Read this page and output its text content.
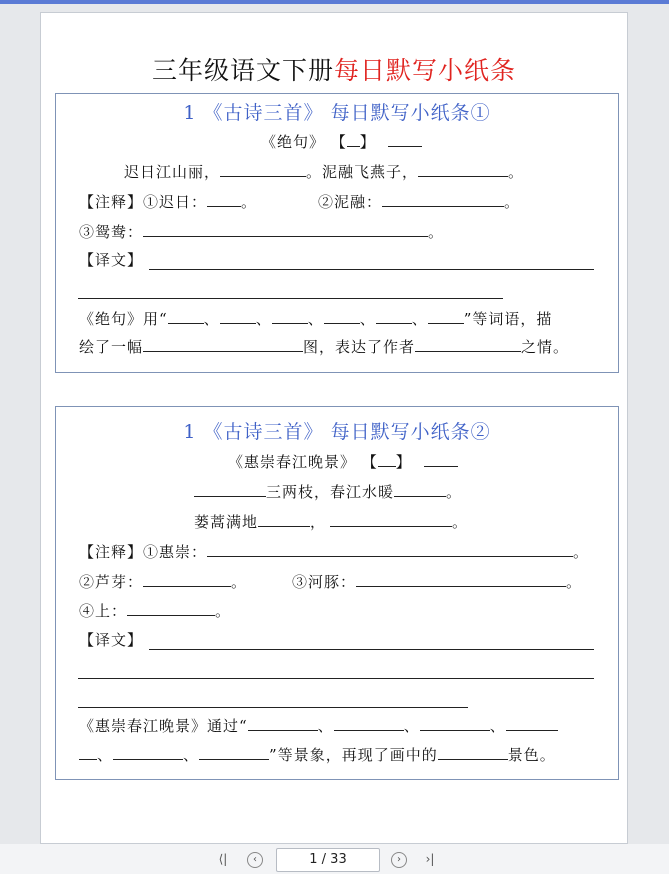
三年级语文下册每日默写小纸条
1 《古诗三首》 每日默写小纸条①
《绝句》 【 】
迟日江山丽，	。泥融飞燕子，	。
【注释】①迟日： 。	②泥融：	。
③鸳鸯：	。
【译文】
《绝句》用“ 、 、 、 、 、 ”等词语，描
绘了一幅	图，表达了作者	之情。
1 《古诗三首》 每日默写小纸条②
《惠崇春江晚景》 【 】
三两枝，春江水暖	。
蒌蒿满地	，	。
【注释】①惠崇：	。
②芦芽：	。	③河豚：	。
④上：	。
【译文】
《惠崇春江晚景》通过“	、	、	、
、	、	”等景象，再现了画中的	景色。
⟨|	‹	1 / 33	›	›|
